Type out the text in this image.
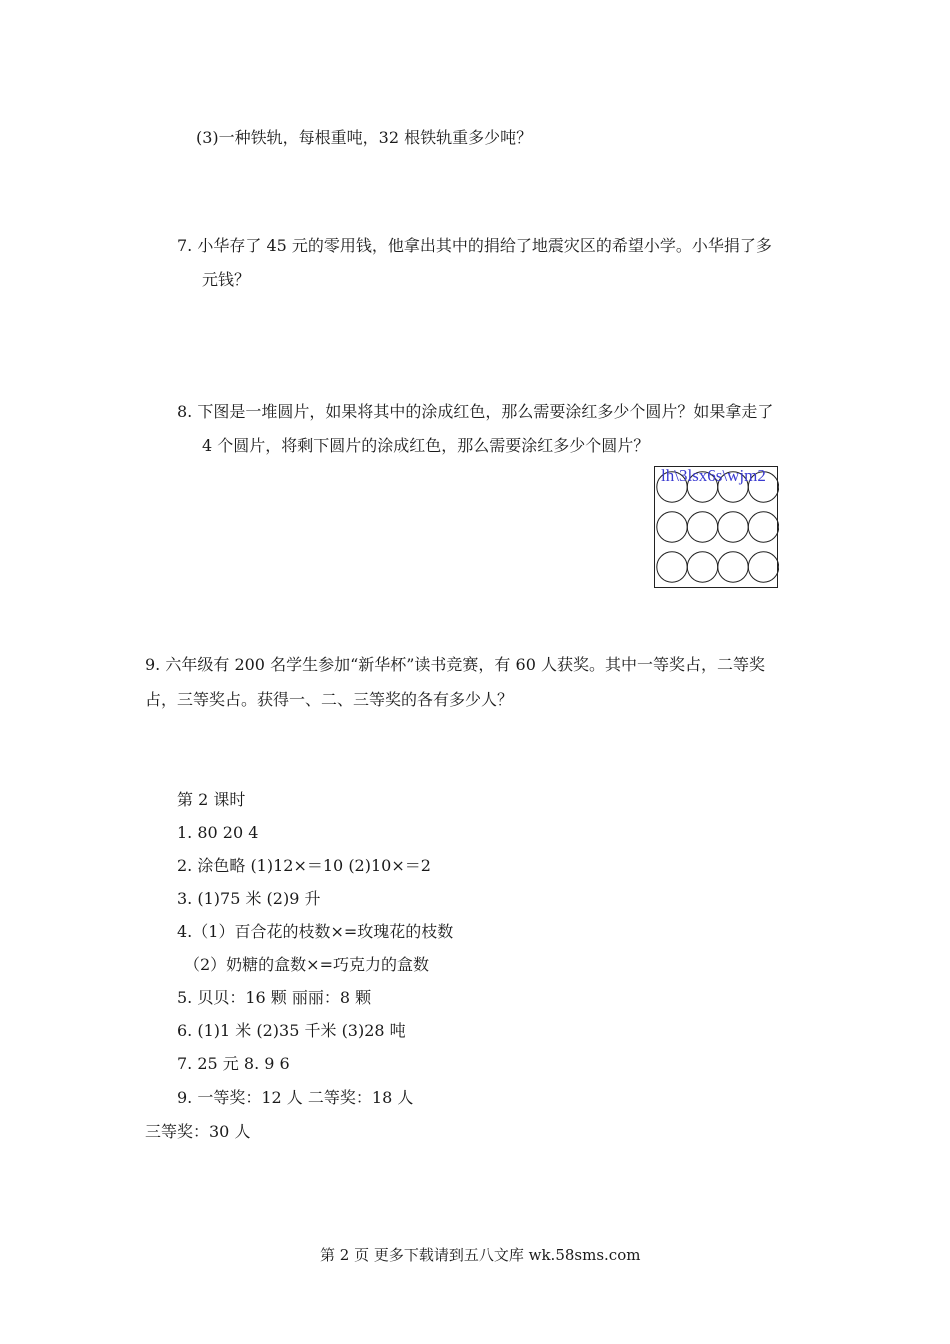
(3)一种铁轨，每根重吨，32 根铁轨重多少吨？
7. 小华存了 45 元的零用钱，他拿出其中的捐给了地震灾区的希望小学。小华捐了多
元钱？
8. 下图是一堆圆片，如果将其中的涂成红色，那么需要涂红多少个圆片？如果拿走了
4 个圆片，将剩下圆片的涂成红色，那么需要涂红多少个圆片？
lh\3lsx6s\wjm2
9. 六年级有 200 名学生参加“新华杯”读书竞赛，有 60 人获奖。其中一等奖占，二等奖
占，三等奖占。获得一、二、三等奖的各有多少人？
第 2 课时
1. 80 20 4
2. 涂色略 (1)12×＝10 (2)10×＝2
3. (1)75 米 (2)9 升
4.（1）百合花的枝数×=玫瑰花的枝数
（2）奶糖的盒数×=巧克力的盒数
5. 贝贝：16 颗 丽丽：8 颗
6. (1)1 米 (2)35 千米 (3)28 吨
7. 25 元 8. 9 6
9. 一等奖：12 人 二等奖：18 人
三等奖：30 人
第 2 页 更多下载请到五八文库 wk.58sms.com
